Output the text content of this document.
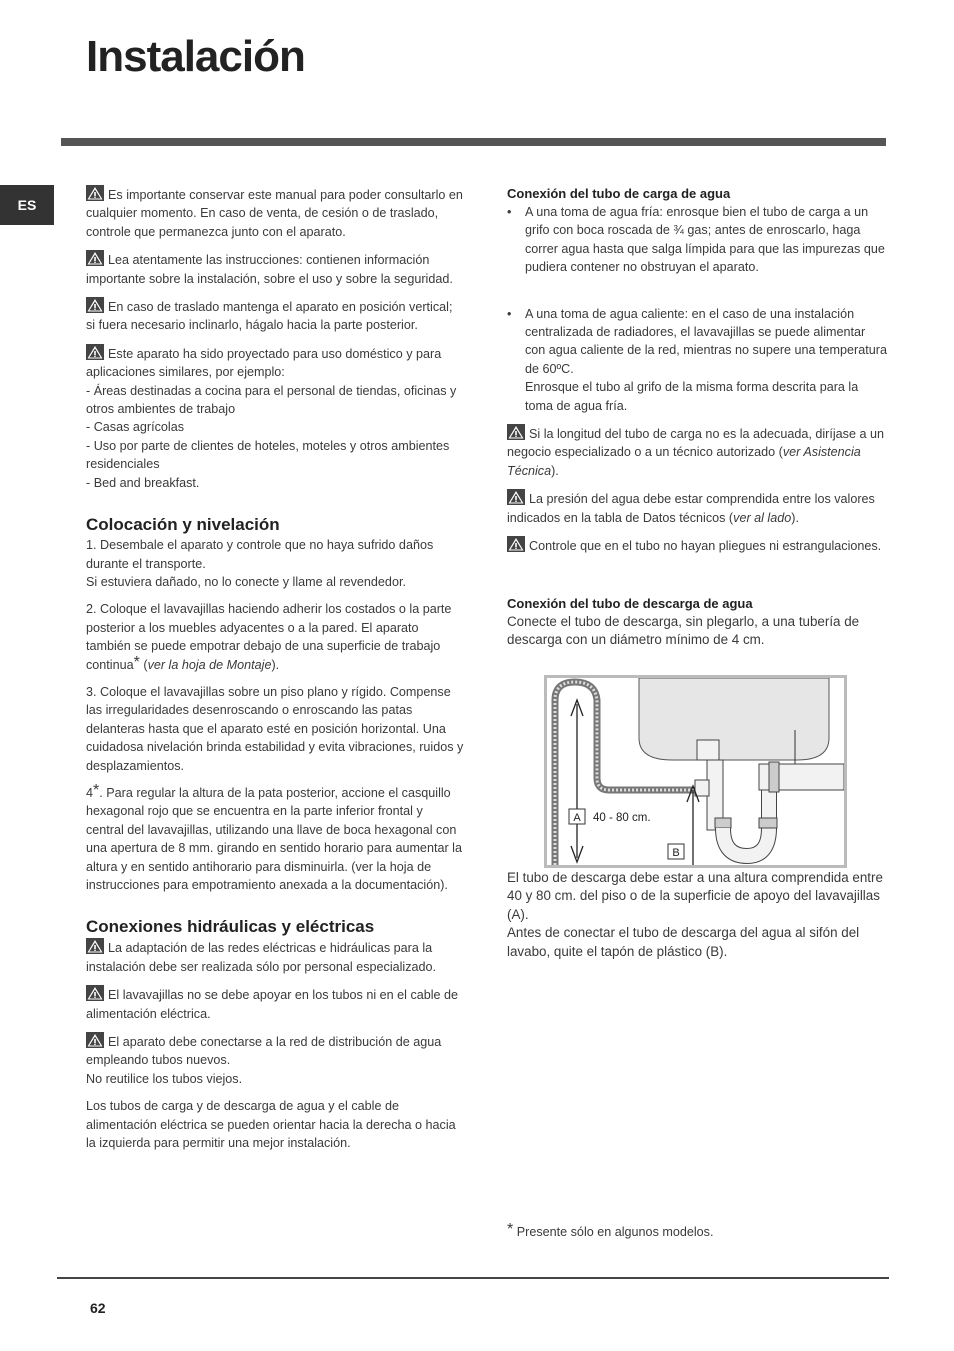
Instalación
ES

Es importante conservar este manual para poder consultarlo en cualquier momento. En caso de venta, de cesión o de traslado, controle que permanezca junto con el aparato.

Lea atentamente las instrucciones: contienen información importante sobre la instalación, sobre el uso y sobre la seguridad.

En caso de traslado mantenga el aparato en posición vertical; si fuera necesario inclinarlo, hágalo hacia la parte posterior.

Este aparato ha sido proyectado para uso doméstico y para aplicaciones similares, por ejemplo:
- Áreas destinadas a cocina para el personal de tiendas, oficinas y otros ambientes de trabajo
- Casas agrícolas
- Uso por parte de clientes de hoteles, moteles y otros ambientes residenciales
- Bed and breakfast.

Colocación y nivelación

1. Desembale el aparato y controle que no haya sufrido daños durante el transporte.
Si estuviera dañado, no lo conecte y llame al revendedor.

2. Coloque el lavavajillas haciendo adherir los costados o la parte posterior a los muebles adyacentes o a la pared. El aparato también se puede empotrar debajo de una superficie de trabajo continua* (ver la hoja de Montaje).

3. Coloque el lavavajillas sobre un piso plano y rígido. Compense las irregularidades desenroscando o enroscando las patas delanteras hasta que el aparato esté en posición horizontal. Una cuidadosa nivelación brinda estabilidad y evita vibraciones, ruidos y desplazamientos.

4*. Para regular la altura de la pata posterior, accione el casquillo hexagonal rojo que se encuentra en la parte inferior frontal y central del lavavajillas, utilizando una llave de boca hexagonal con una apertura de 8 mm. girando en sentido horario para aumentar la altura y en sentido antihorario para disminuirla. (ver la hoja de instrucciones para empotramiento anexada a la documentación).

Conexiones hidráulicas y eléctricas

La adaptación de las redes eléctricas e hidráulicas para la instalación debe ser realizada sólo por personal especializado.

El lavavajillas no se debe apoyar en los tubos ni en el cable de alimentación eléctrica.

El aparato debe conectarse a la red de distribución de agua empleando tubos nuevos.
No reutilice los tubos viejos.

Los tubos de carga y de descarga de agua y el cable de alimentación eléctrica se pueden orientar hacia la derecha o hacia la izquierda para permitir una mejor instalación.

Conexión del tubo de carga de agua
• A una toma de agua fría: enrosque bien el tubo de carga a un grifo con boca roscada de ¾ gas; antes de enroscarlo, haga correr agua hasta que salga límpida para que las impurezas que pudiera contener no obstruyan el aparato.
• A una toma de agua caliente: en el caso de una instalación centralizada de radiadores, el lavavajillas se puede alimentar con agua caliente de la red, mientras no supere una temperatura de 60ºC.
Enrosque el tubo al grifo de la misma forma descrita para la toma de agua fría.

Si la longitud del tubo de carga no es la adecuada, diríjase a un negocio especializado o a un técnico autorizado (ver Asistencia Técnica).

La presión del agua debe estar comprendida entre los valores indicados en la tabla de Datos técnicos (ver al lado).

Controle que en el tubo no hayan pliegues ni estrangulaciones.

Conexión del tubo de descarga de agua

Conecte el tubo de descarga, sin plegarlo, a una tubería de descarga con un diámetro mínimo de 4 cm.

El tubo de descarga debe estar a una altura comprendida entre 40 y 80 cm. del piso o de la superficie de apoyo del lavavajillas (A).
Antes de conectar el tubo de descarga del agua al sifón del lavabo, quite el tapón de plástico (B).

A 40 - 80 cm.
B
* Presente sólo en algunos modelos.
62
